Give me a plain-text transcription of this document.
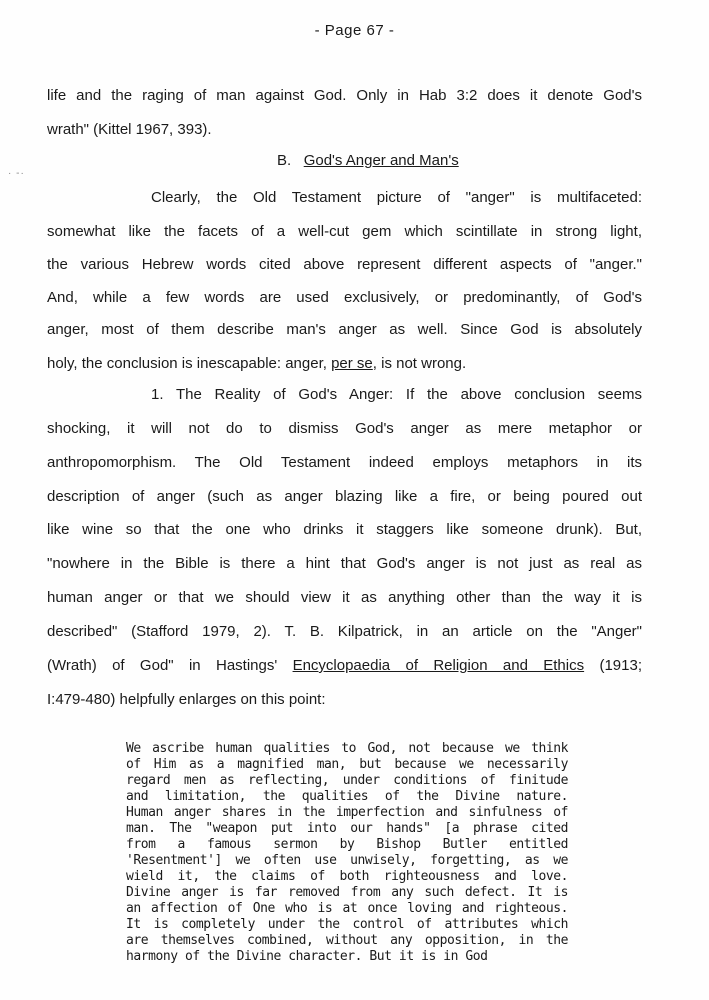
- Page 67 -
· -·
life and the raging of man against God. Only in Hab 3:2 does it denote God's
wrath" (Kittel 1967, 393).
B. God's Anger and Man's
Clearly, the Old Testament picture of "anger" is multifaceted:
somewhat like the facets of a well-cut gem which scintillate in strong light,
the various Hebrew words cited above represent different aspects of "anger."
And, while a few words are used exclusively, or predominantly, of God's
anger, most of them describe man's anger as well. Since God is absolutely
holy, the conclusion is inescapable: anger, per se, is not wrong.
1. The Reality of God's Anger: If the above conclusion seems
shocking, it will not do to dismiss God's anger as mere metaphor or
anthropomorphism. The Old Testament indeed employs metaphors in its
description of anger (such as anger blazing like a fire, or being poured out
like wine so that the one who drinks it staggers like someone drunk). But,
"nowhere in the Bible is there a hint that God's anger is not just as real as
human anger or that we should view it as anything other than the way it is
described" (Stafford 1979, 2). T. B. Kilpatrick, in an article on the "Anger"
(Wrath) of God" in Hastings' Encyclopaedia of Religion and Ethics (1913;
I:479-480) helpfully enlarges on this point:
We ascribe human qualities to God, not because we think
of Him as a magnified man, but because we necessarily
regard men as reflecting, under conditions of finitude
and limitation, the qualities of the Divine nature.
Human anger shares in the imperfection and sinfulness of
man. The "weapon put into our hands" [a phrase cited
from a famous sermon by Bishop Butler entitled
'Resentment'] we often use unwisely, forgetting, as we
wield it, the claims of both righteousness and love.
Divine anger is far removed from any such defect. It is
an affection of One who is at once loving and righteous.
It is completely under the control of attributes which
are themselves combined, without any opposition, in the
harmony of the Divine character. But it is in God
